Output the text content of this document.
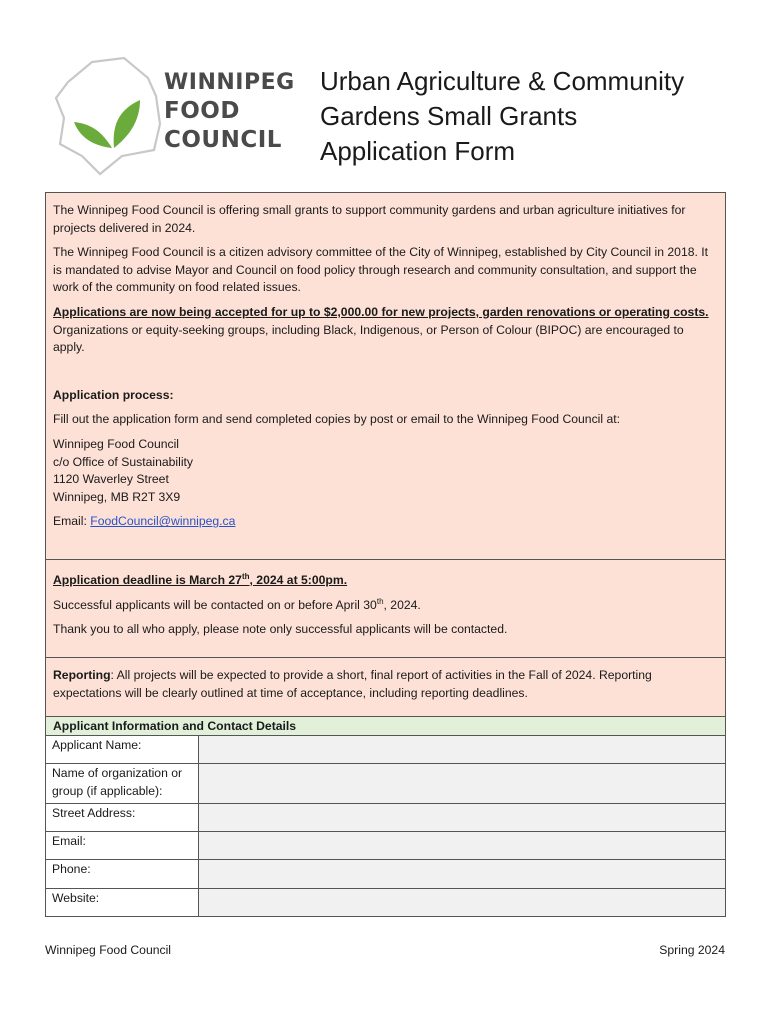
WINNIPEG
FOOD
COUNCIL
Urban Agriculture & Community
Gardens Small Grants
Application Form

The Winnipeg Food Council is offering small grants to support community gardens and urban agriculture initiatives for projects delivered in 2024.

The Winnipeg Food Council is a citizen advisory committee of the City of Winnipeg, established by City Council in 2018. It is mandated to advise Mayor and Council on food policy through research and community consultation, and support the work of the community on food related issues.

Applications are now being accepted for up to $2,000.00 for new projects, garden renovations or operating costs. Organizations or equity-seeking groups, including Black, Indigenous, or Person of Colour (BIPOC) are encouraged to apply.

Application process:

Fill out the application form and send completed copies by post or email to the Winnipeg Food Council at:

Winnipeg Food Council
c/o Office of Sustainability
1120 Waverley Street
Winnipeg, MB R2T 3X9

Email: FoodCouncil@winnipeg.ca

Application deadline is March 27th, 2024 at 5:00pm.

Successful applicants will be contacted on or before April 30th, 2024.

Thank you to all who apply, please note only successful applicants will be contacted.

Reporting: All projects will be expected to provide a short, final report of activities in the Fall of 2024. Reporting expectations will be clearly outlined at time of acceptance, including reporting deadlines.

Applicant Information and Contact Details
Applicant Name:	

Name of organization or group (if applicable):	

Street Address:	

Email:	

Phone:	

Website:	
Winnipeg Food Council	Spring 2024
